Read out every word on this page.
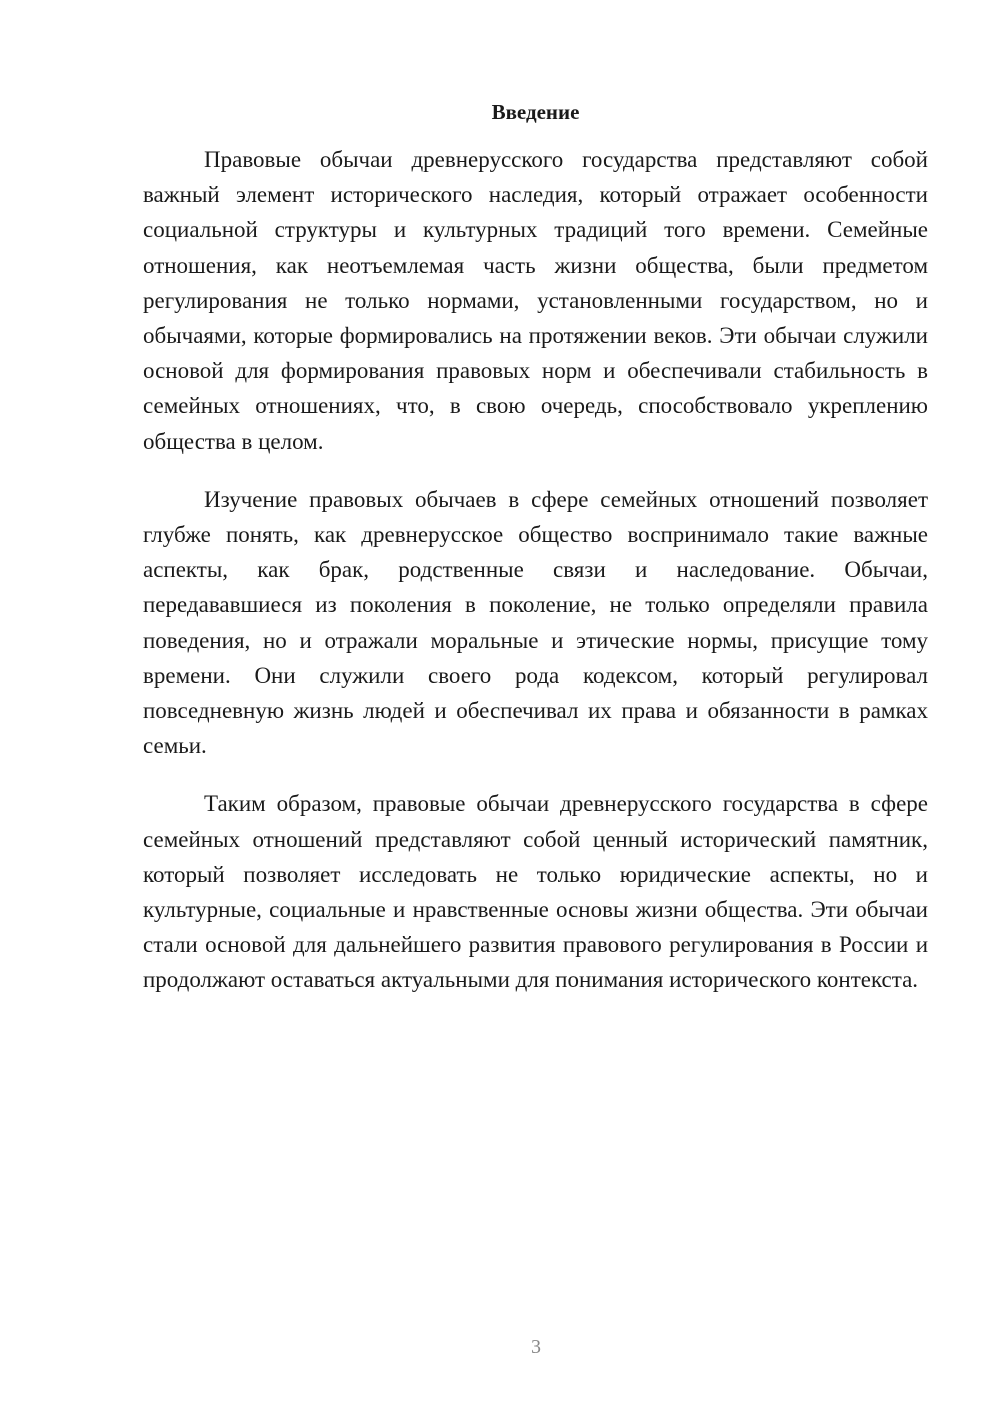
Введение

Правовые обычаи древнерусского государства представляют собой важный элемент исторического наследия, который отражает особенности социальной структуры и культурных традиций того времени. Семейные отношения, как неотъемлемая часть жизни общества, были предметом регулирования не только нормами, установленными государством, но и обычаями, которые формировались на протяжении веков. Эти обычаи служили основой для формирования правовых норм и обеспечивали стабильность в семейных отношениях, что, в свою очередь, способствовало укреплению общества в целом.

Изучение правовых обычаев в сфере семейных отношений позволяет глубже понять, как древнерусское общество воспринимало такие важные аспекты, как брак, родственные связи и наследование. Обычаи, передававшиеся из поколения в поколение, не только определяли правила поведения, но и отражали моральные и этические нормы, присущие тому времени. Они служили своего рода кодексом, который регулировал повседневную жизнь людей и обеспечивал их права и обязанности в рамках семьи.

Таким образом, правовые обычаи древнерусского государства в сфере семейных отношений представляют собой ценный исторический памятник, который позволяет исследовать не только юридические аспекты, но и культурные, социальные и нравственные основы жизни общества. Эти обычаи стали основой для дальнейшего развития правового регулирования в России и продолжают оставаться актуальными для понимания исторического контекста.

3
